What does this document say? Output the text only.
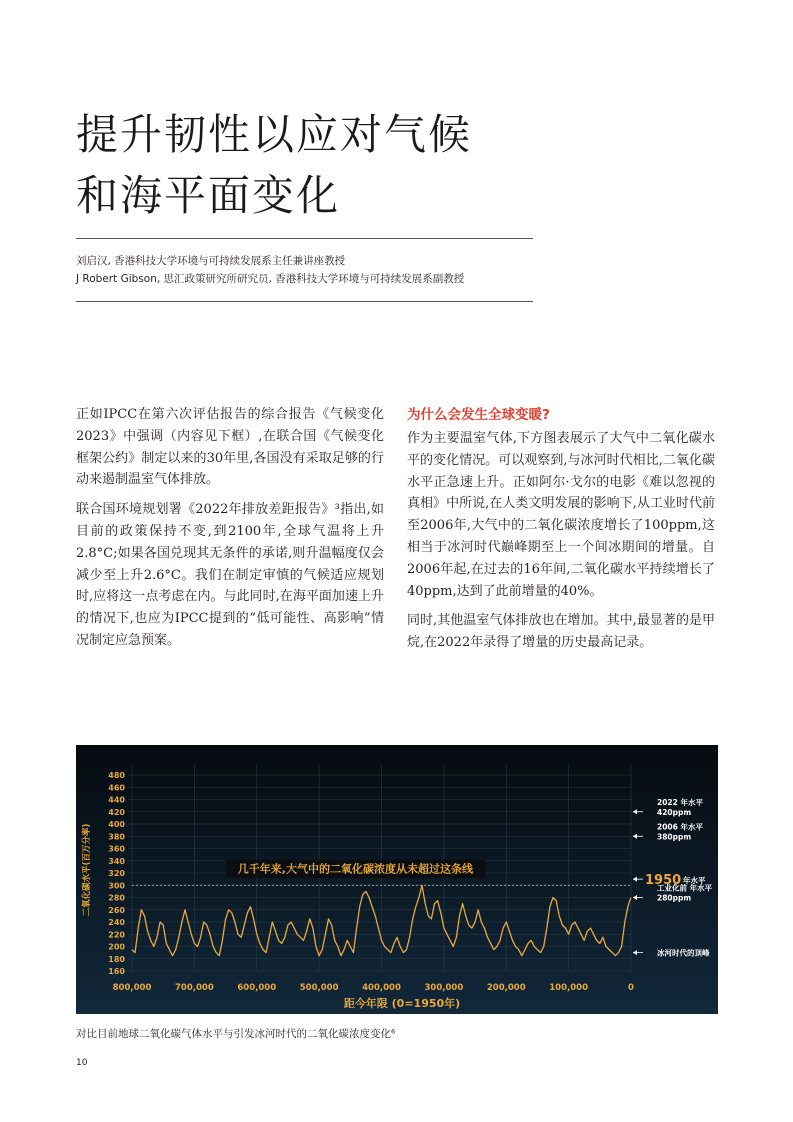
提升韧性以应对气候
和海平面变化
刘启汉, 香港科技大学环境与可持续发展系主任兼讲座教授
J Robert Gibson, 思汇政策研究所研究员, 香港科技大学环境与可持续发展系副教授

正如IPCC在第六次评估报告的综合报告《气候变化2023》中强调（内容见下框）,在联合国《气候变化框架公约》制定以来的30年里,各国没有采取足够的行动来遏制温室气体排放。

联合国环境规划署《2022年排放差距报告》³指出,如目前的政策保持不变,到2100年,全球气温将上升2.8°C;如果各国兑现其无条件的承诺,则升温幅度仅会减少至上升2.6°C。我们在制定审慎的气候适应规划时,应将这一点考虑在内。与此同时,在海平面加速上升的情况下,也应为IPCC提到的“低可能性、高影响”情况制定应急预案。

为什么会发生全球变暖?

作为主要温室气体,下方图表展示了大气中二氧化碳水平的变化情况。可以观察到,与冰河时代相比,二氧化碳水平正急速上升。正如阿尔·戈尔的电影《难以忽视的真相》中所说,在人类文明发展的影响下,从工业时代前至2006年,大气中的二氧化碳浓度增长了100ppm,这相当于冰河时代巅峰期至上一个间冰期间的增量。自2006年起,在过去的16年间,二氧化碳水平持续增长了40ppm,达到了此前增量的40%。

同时,其他温室气体排放也在增加。其中,最显著的是甲烷,在2022年录得了增量的历史最高记录。

160
180
200
220
240
260
280
300
320
340
360
380
400
420
440
460
480
800,000	700,000	600,000	500,000	400,000	300,000	200,000	100,000	0
几千年来,大气中的二氧化碳浓度从未超过这条线
2022 年水平
420ppm
2006 年水平
380ppm
1950 年水平
工业化前 年水平
280ppm
冰河时代的顶峰
二氧化碳水平(百万分率)
距今年限 (0=1950年)
对比目前地球二氧化碳气体水平与引发冰河时代的二氧化碳浓度变化⁶
10
